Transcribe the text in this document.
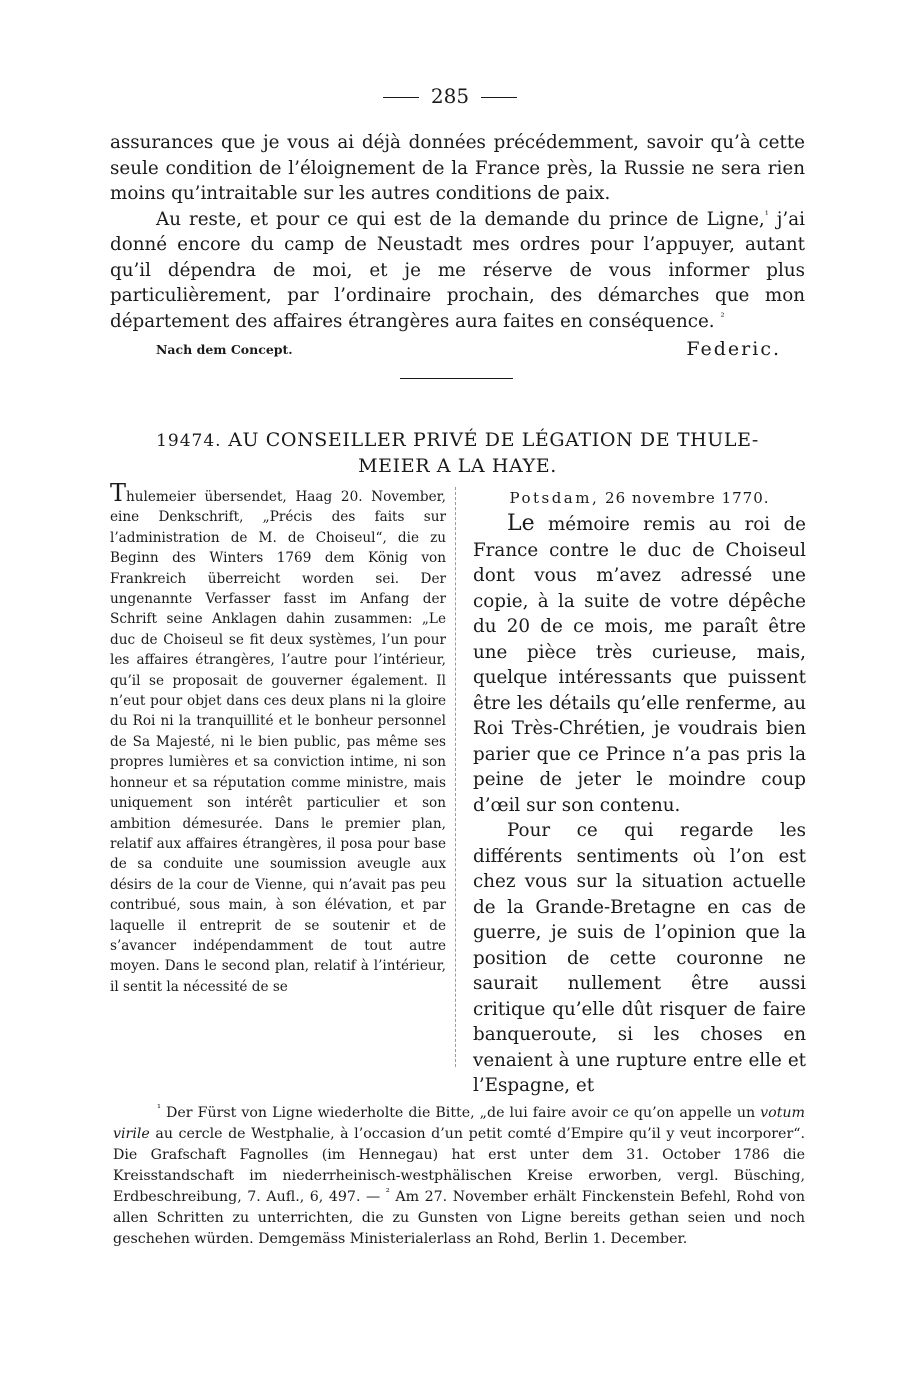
285

assurances que je vous ai déjà données précédemment, savoir qu’à cette seule condition de l’éloignement de la France près, la Russie ne sera rien moins qu’intraitable sur les autres conditions de paix.

Au reste, et pour ce qui est de la demande du prince de Ligne,$^{^1}$ j’ai donné encore du camp de Neustadt mes ordres pour l’appuyer, autant qu’il dépendra de moi, et je me réserve de vous informer plus particulièrement, par l’ordinaire prochain, des démarches que mon département des affaires étrangères aura faites en conséquence. $^{^2}$

Nach dem Concept.	Federic.
19474. AU CONSEILLER PRIVÉ DE LÉGATION DE THULE-
MEIER A LA HAYE.
Thulemeier übersendet, Haag 20. November, eine Denkschrift, „Précis des faits sur l’administration de M. de Choiseul“, die zu Beginn des Winters 1769 dem König von Frankreich überreicht worden sei. Der ungenannte Verfasser fasst im Anfang der Schrift seine Anklagen dahin zusammen: „Le duc de Choiseul se fit deux systèmes, l’un pour les affaires étrangères, l’autre pour l’intérieur, qu’il se proposait de gouverner également. Il n’eut pour objet dans ces deux plans ni la gloire du Roi ni la tranquillité et le bonheur personnel de Sa Majesté, ni le bien public, pas même ses propres lumières et sa conviction intime, ni son honneur et sa réputation comme ministre, mais uniquement son intérêt particulier et son ambition démesurée. Dans le premier plan, relatif aux affaires étrangères, il posa pour base de sa conduite une soumission aveugle aux désirs de la cour de Vienne, qui n’avait pas peu contribué, sous main, à son élévation, et par laquelle il entreprit de se soutenir et de s’avancer indépendamment de tout autre moyen. Dans le second plan, relatif à l’intérieur, il sentit la nécessité de se
Potsdam, 26 novembre 1770.

Le mémoire remis au roi de France contre le duc de Choiseul dont vous m’avez adressé une copie, à la suite de votre dépêche du 20 de ce mois, me paraît être une pièce très curieuse, mais, quelque intéressants que puissent être les détails qu’elle renferme, au Roi Très-Chrétien, je voudrais bien parier que ce Prince n’a pas pris la peine de jeter le moindre coup d’œil sur son contenu.

Pour ce qui regarde les différents sentiments où l’on est chez vous sur la situation actuelle de la Grande-Bretagne en cas de guerre, je suis de l’opinion que la position de cette couronne ne saurait nullement être aussi critique qu’elle dût risquer de faire banqueroute, si les choses en venaient à une rupture entre elle et l’Espagne, et

$^{^1}$ Der Fürst von Ligne wiederholte die Bitte, „de lui faire avoir ce qu’on appelle un votum virile au cercle de Westphalie, à l’occasion d’un petit comté d’Empire qu’il y veut incorporer“. Die Grafschaft Fagnolles (im Hennegau) hat erst unter dem 31. October 1786 die Kreisstandschaft im niederrheinisch-westphälischen Kreise erworben, vergl. Büsching, Erdbeschreibung, 7. Aufl., 6, 497. — $^{^2}$ Am 27. November erhält Finckenstein Befehl, Rohd von allen Schritten zu unterrichten, die zu Gunsten von Ligne bereits gethan seien und noch geschehen würden. Demgemäss Ministerialerlass an Rohd, Berlin 1. December.
